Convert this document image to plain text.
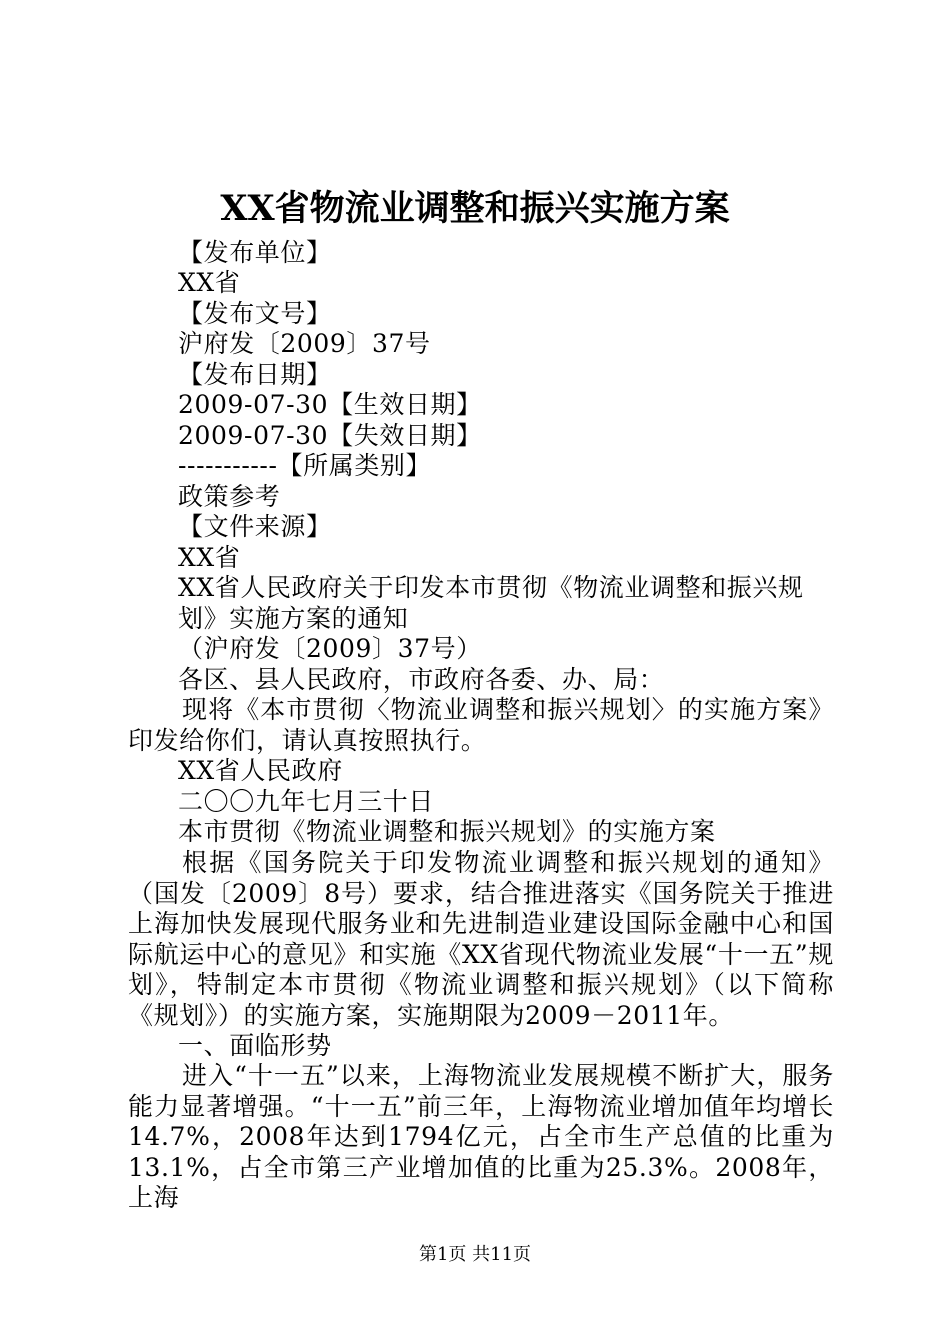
XX省物流业调整和振兴实施方案
【发布单位】
XX省
【发布文号】
沪府发〔2009〕37号
【发布日期】
2009-07-30【生效日期】
2009-07-30【失效日期】
-----------【所属类别】
政策参考
【文件来源】
XX省
XX省人民政府关于印发本市贯彻《物流业调整和振兴规
划》实施方案的通知
（沪府发〔2009〕37号）
各区、县人民政府，市政府各委、办、局：
现将《本市贯彻〈物流业调整和振兴规划〉的实施方案》印发给你们，请认真按照执行。
XX省人民政府
二〇〇九年七月三十日
本市贯彻《物流业调整和振兴规划》的实施方案
根据《国务院关于印发物流业调整和振兴规划的通知》（国发〔2009〕8号）要求，结合推进落实《国务院关于推进上海加快发展现代服务业和先进制造业建设国际金融中心和国际航运中心的意见》和实施《XX省现代物流业发展“十一五”规划》，特制定本市贯彻《物流业调整和振兴规划》（以下简称《规划》）的实施方案，实施期限为2009－2011年。
一、面临形势
进入“十一五”以来，上海物流业发展规模不断扩大，服务能力显著增强。“十一五”前三年，上海物流业增加值年均增长14.7%，2008年达到1794亿元，占全市生产总值的比重为13.1%，占全市第三产业增加值的比重为25.3%。2008年，上海
第1页 共11页
